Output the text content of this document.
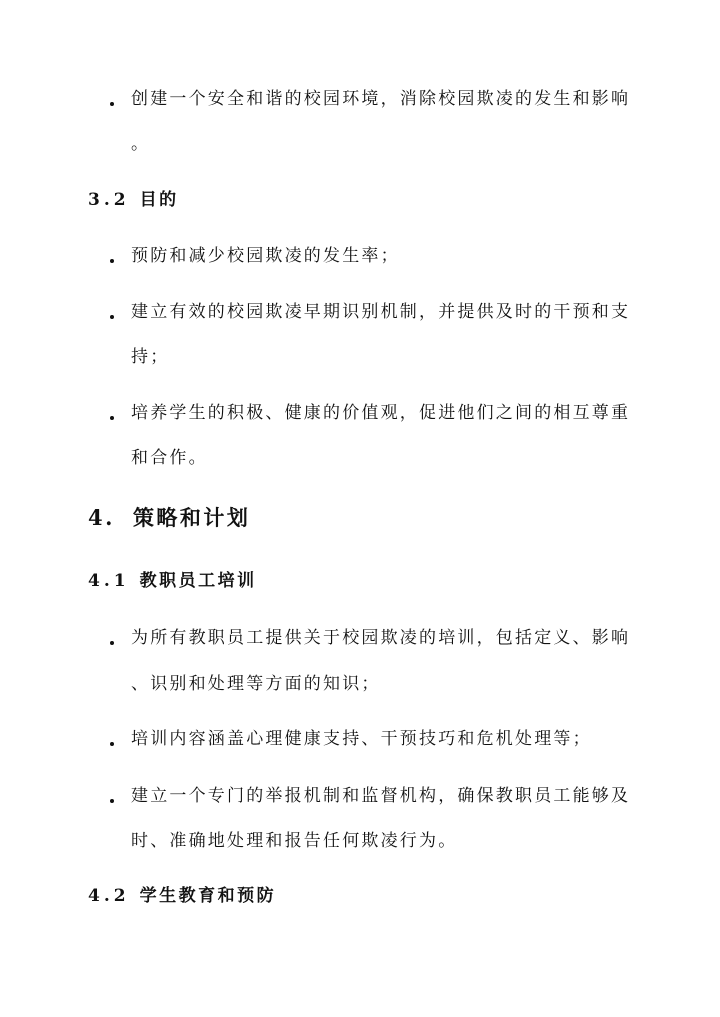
创建一个安全和谐的校园环境，消除校园欺凌的发生和影响
。
3.2 目的
预防和减少校园欺凌的发生率；
建立有效的校园欺凌早期识别机制，并提供及时的干预和支
持；
培养学生的积极、健康的价值观，促进他们之间的相互尊重
和合作。
4. 策略和计划
4.1 教职员工培训
为所有教职员工提供关于校园欺凌的培训，包括定义、影响
、识别和处理等方面的知识；
培训内容涵盖心理健康支持、干预技巧和危机处理等；
建立一个专门的举报机制和监督机构，确保教职员工能够及
时、准确地处理和报告任何欺凌行为。
4.2 学生教育和预防
